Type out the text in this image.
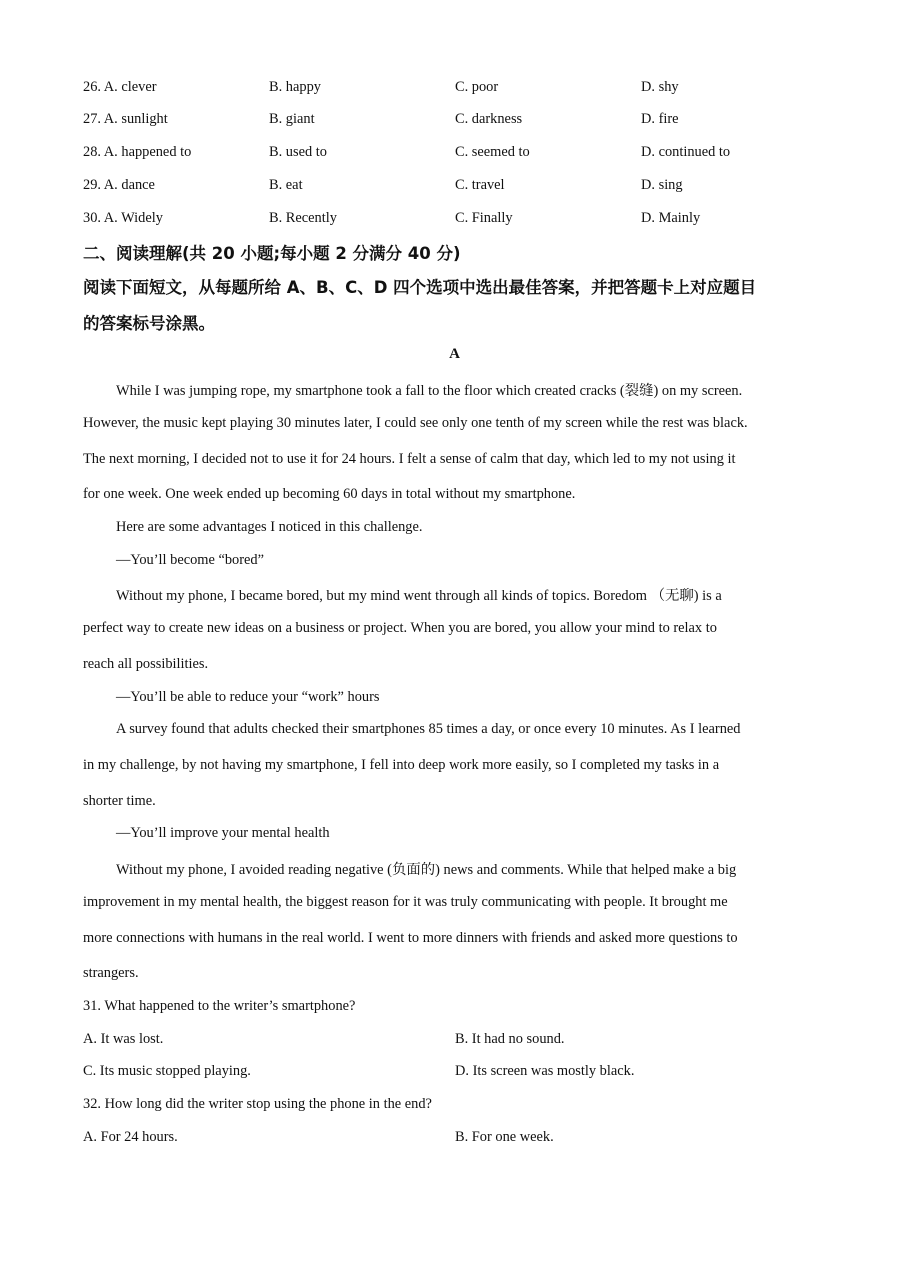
26. A. clever	B. happy	C. poor	D. shy
27. A. sunlight	B. giant	C. darkness	D. fire
28. A. happened to	B. used to	C. seemed to	D. continued to
29. A. dance	B. eat	C. travel	D. sing
30. A. Widely	B. Recently	C. Finally	D. Mainly
二、阅读理解(共 20 小题;每小题 2 分满分 40 分)
阅读下面短文，从每题所给 A、B、C、D 四个选项中选出最佳答案，并把答题卡上对应题目
的答案标号涂黑。
A
While I was jumping rope, my smartphone took a fall to the floor which created cracks (裂缝) on my screen.
However, the music kept playing 30 minutes later, I could see only one tenth of my screen while the rest was black.
The next morning, I decided not to use it for 24 hours. I felt a sense of calm that day, which led to my not using it
for one week. One week ended up becoming 60 days in total without my smartphone.
Here are some advantages I noticed in this challenge.
—You’ll become “bored”
Without my phone, I became bored, but my mind went through all kinds of topics. Boredom （无聊) is a
perfect way to create new ideas on a business or project. When you are bored, you allow your mind to relax to
reach all possibilities.
—You’ll be able to reduce your “work” hours
A survey found that adults checked their smartphones 85 times a day, or once every 10 minutes. As I learned
in my challenge, by not having my smartphone, I fell into deep work more easily, so I completed my tasks in a
shorter time.
—You’ll improve your mental health
Without my phone, I avoided reading negative (负面的) news and comments. While that helped make a big
improvement in my mental health, the biggest reason for it was truly communicating with people. It brought me
more connections with humans in the real world. I went to more dinners with friends and asked more questions to
strangers.
31. What happened to the writer’s smartphone?
A. It was lost.	B. It had no sound.
C. Its music stopped playing.	D. Its screen was mostly black.
32. How long did the writer stop using the phone in the end?
A. For 24 hours.	B. For one week.
